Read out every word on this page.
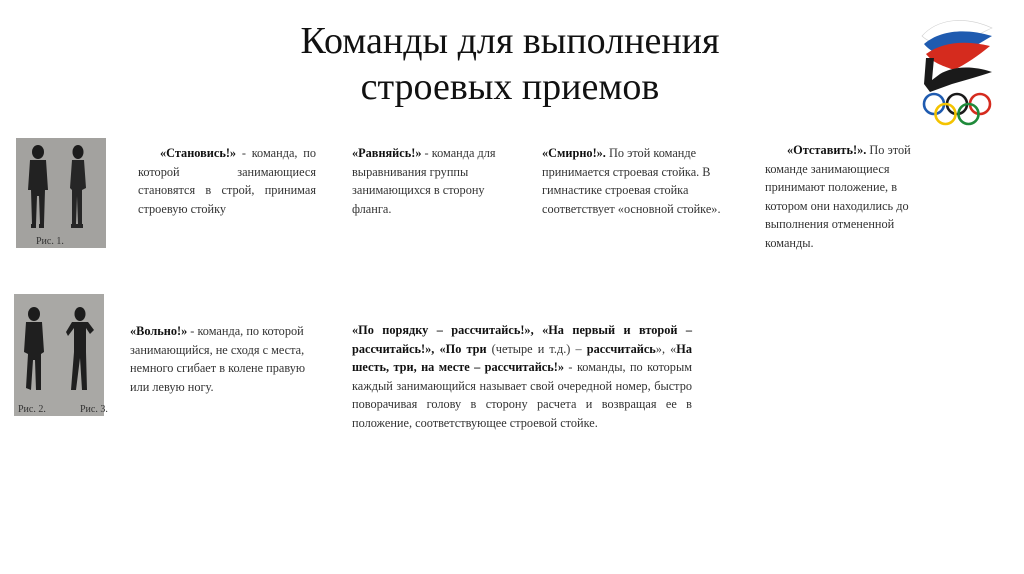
Команды для выполнения
строевых приемов
Рис. 1.
Рис. 2.	Рис. 3.
«Становись!» - команда, по которой занимающиеся становятся в строй, принимая строевую стойку
«Равняйсь!» - команда для выравнивания группы занимающихся в сторону фланга.
«Смирно!». По этой команде принимается строевая стойка. В гимнастике строевая стойка соответствует «основной стойке».
«Отставить!». По этой команде занимающиеся принимают положение, в котором они находились до выполнения отмененной команды.
«Вольно!» - команда, по которой занимающийся, не сходя с места, немного сгибает в колене правую или левую ногу.
«По порядку – рассчитайсь!», «На первый и второй – рассчитайсь!», «По три (четыре и т.д.) – рассчитайсь», «На шесть, три, на месте – рассчитайсь!» - команды, по которым каждый занимающийся называет свой очередной номер, быстро поворачивая голову в сторону расчета и возвращая ее в положение, соответствующее строевой стойке.
